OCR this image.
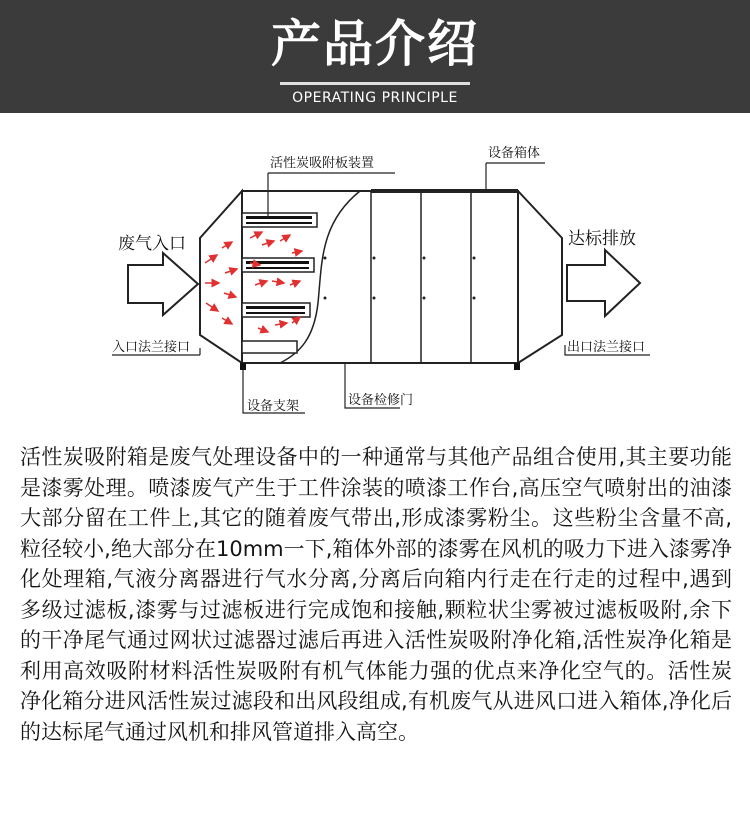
产品介绍
OPERATING PRINCIPLE
活性炭吸附板装置
设备箱体
废气入口	达标排放
入口法兰接口	出口法兰接口
设备支架	设备检修门
活性炭吸附箱是废气处理设备中的一种通常与其他产品组合使用,其主要功能是漆雾处理。喷漆废气产生于工件涂装的喷漆工作台,高压空气喷射出的油漆大部分留在工件上,其它的随着废气带出,形成漆雾粉尘。这些粉尘含量不高,粒径较小,绝大部分在10mm一下,箱体外部的漆雾在风机的吸力下进入漆雾净化处理箱,气液分离器进行气水分离,分离后向箱内行走在行走的过程中,遇到多级过滤板,漆雾与过滤板进行完成饱和接触,颗粒状尘雾被过滤板吸附,余下的干净尾气通过网状过滤器过滤后再进入活性炭吸附净化箱,活性炭净化箱是利用高效吸附材料活性炭吸附有机气体能力强的优点来净化空气的。活性炭净化箱分进风活性炭过滤段和出风段组成,有机废气从进风口进入箱体,净化后的达标尾气通过风机和排风管道排入高空。
